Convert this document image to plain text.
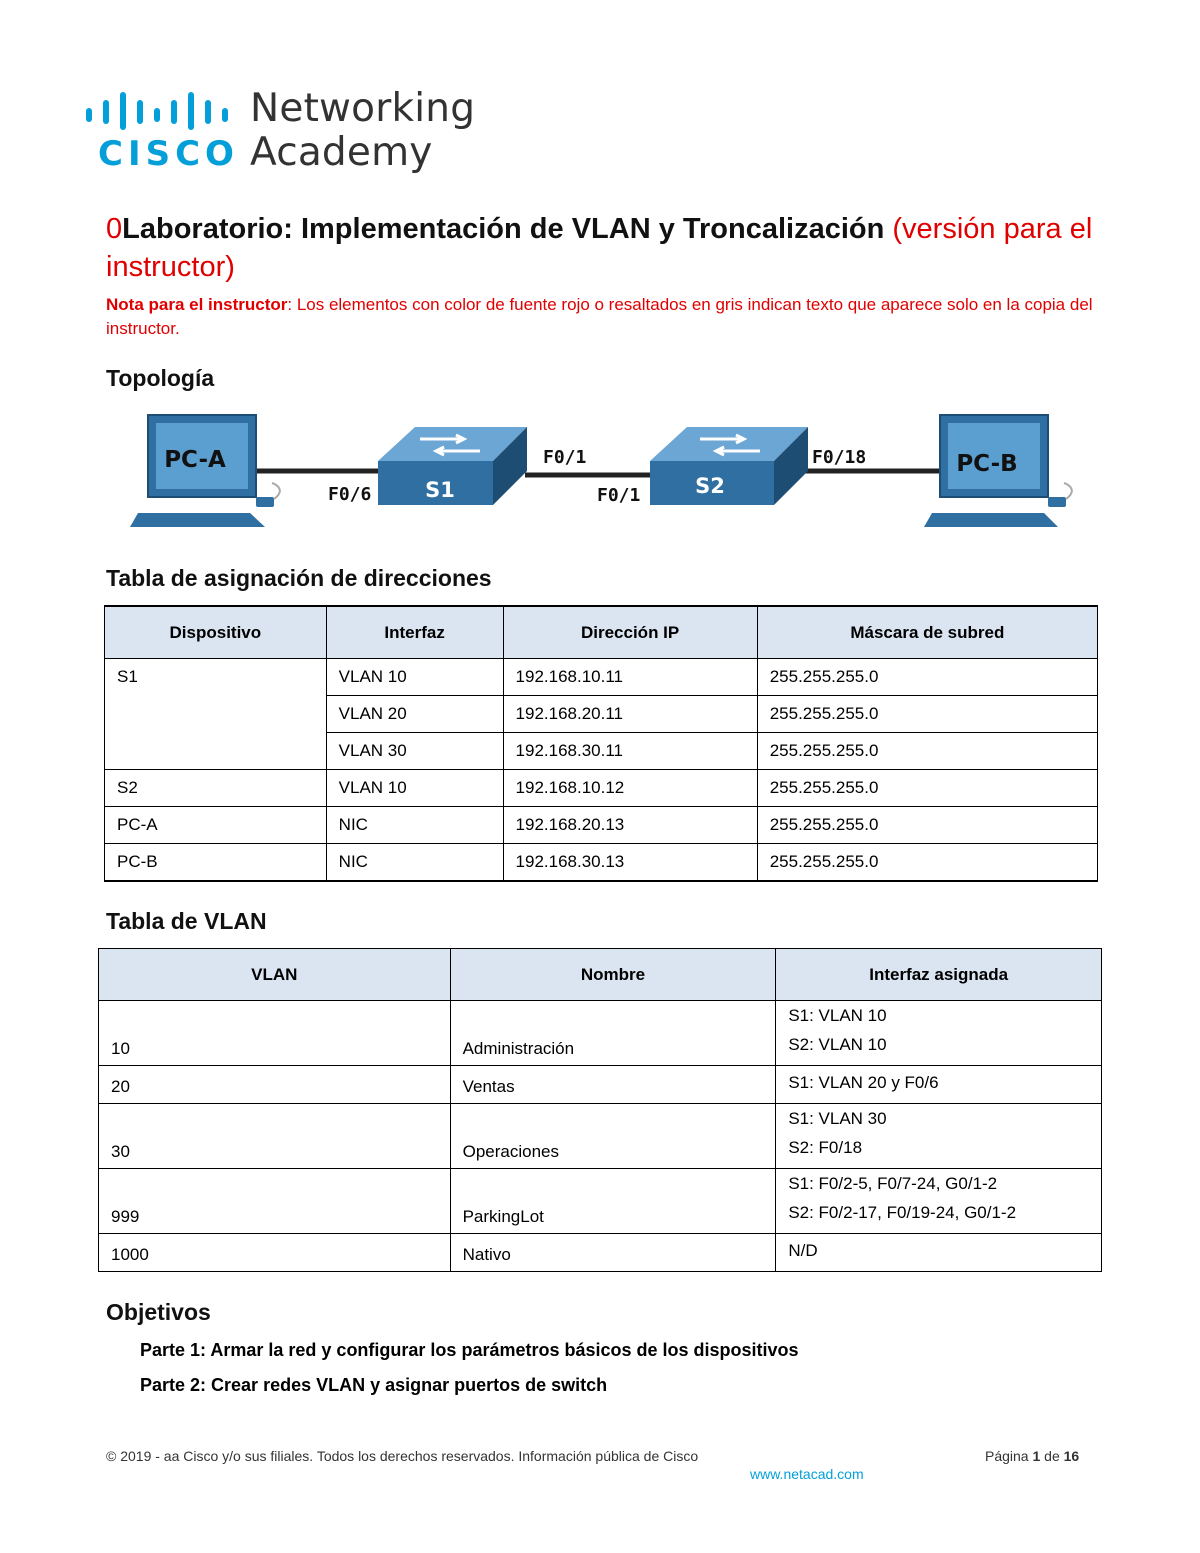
CISCO
Networking
Academy
0Laboratorio: Implementación de VLAN y Troncalización (versión para el instructor)
Nota para el instructor: Los elementos con color de fuente rojo o resaltados en gris indican texto que aparece solo en la copia del instructor.
Topología
PC-A
S1	S2
PC-B
F0/6
F0/1
F0/1
F0/18
Tabla de asignación de direcciones
Dispositivo	Interfaz	Dirección IP	Máscara de subred
S1	VLAN 10	192.168.10.11	255.255.255.0
	VLAN 20	192.168.20.11	255.255.255.0
	VLAN 30	192.168.30.11	255.255.255.0
S2	VLAN 10	192.168.10.12	255.255.255.0
PC-A	NIC	192.168.20.13	255.255.255.0
PC-B	NIC	192.168.30.13	255.255.255.0
Tabla de VLAN
VLAN	Nombre	Interfaz asignada
10	Administración	S1: VLAN 10
S2: VLAN 10

20	Ventas	S1: VLAN 20 y F0/6

30	Operaciones	S1: VLAN 30
S2: F0/18

999	ParkingLot	S1: F0/2-5, F0/7-24, G0/1-2
S2: F0/2-17, F0/19-24, G0/1-2

1000	Nativo	N/D
Objetivos
Parte 1: Armar la red y configurar los parámetros básicos de los dispositivos
Parte 2: Crear redes VLAN y asignar puertos de switch
© 2019 - aa Cisco y/o sus filiales. Todos los derechos reservados. Información pública de Cisco	Página 1 de 16
www.netacad.com
